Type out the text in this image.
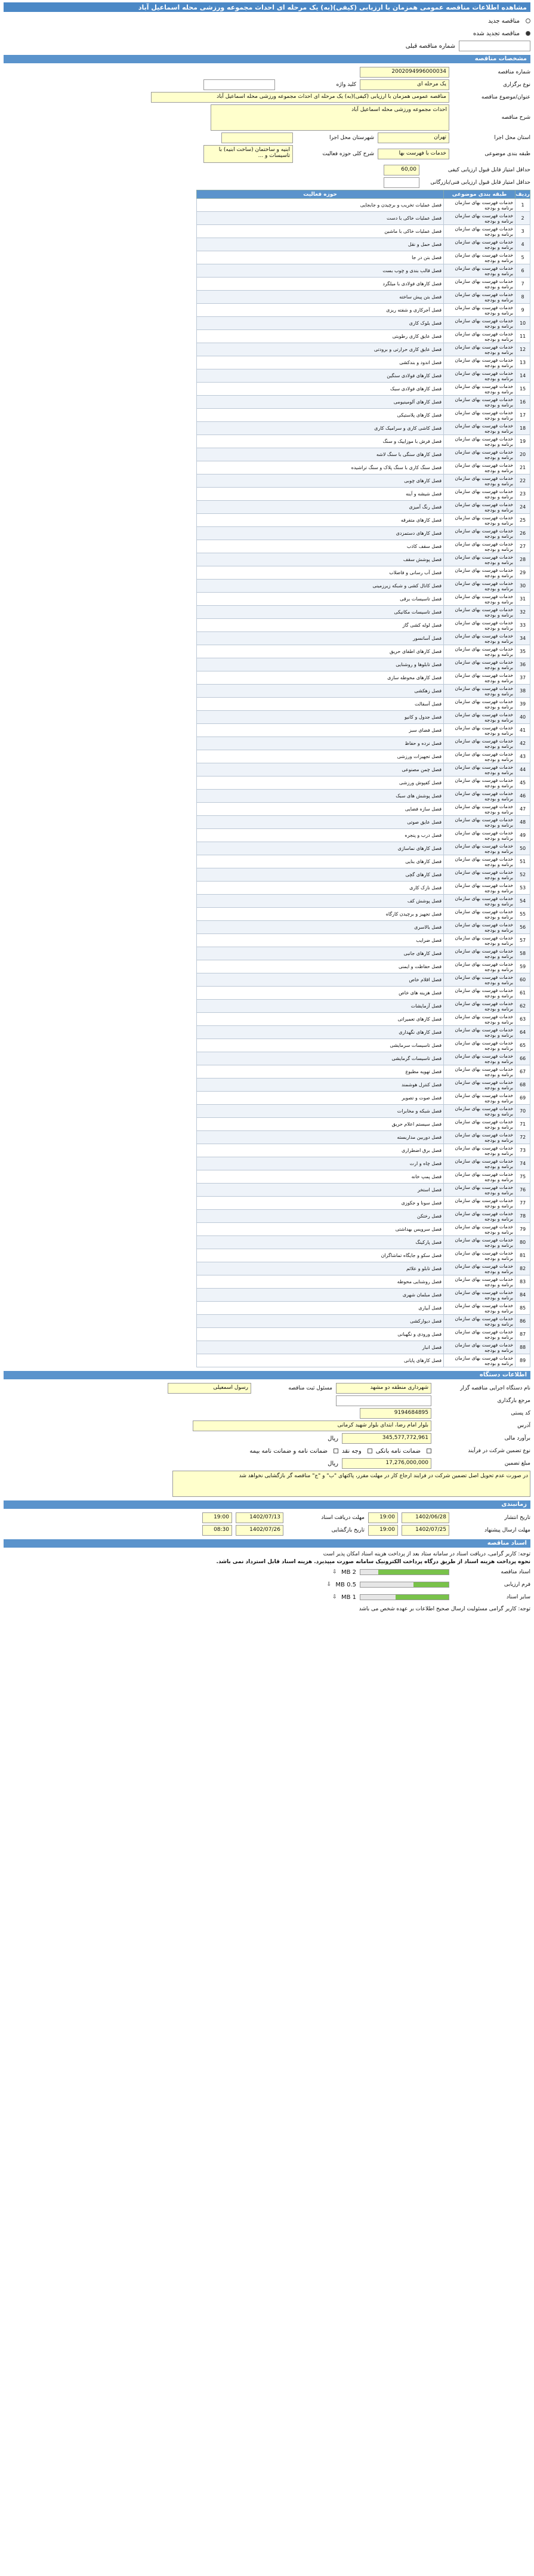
مشاهده اطلاعات مناقصه عمومی همزمان با ارزیابی (کیفی)(به) یک مرحله ای احداث مجموعه ورزشی محله اسماعیل آباد
مناقصه جدید
مناقصه تجدید شده
شماره مناقصه قبلی
مشخصات مناقصه
شماره مناقصه
2002094996000034
نوع برگزاری
یک مرحله ای
کلید واژه
عنوان/موضوع مناقصه
مناقصه عمومی همزمان با ارزیابی (کیفی)(به) یک مرحله ای احداث مجموعه ورزشی محله اسماعیل آباد
شرح مناقصه
احداث مجموعه ورزشی محله اسماعیل آباد
استان محل اجرا
تهران
شهرستان محل اجرا
طبقه بندی موضوعی
خدمات با فهرست بها
شرح کلی حوزه فعالیت
ابنیه و ساختمان (ساخت ابنیه) با تاسیسات و ...
حداقل امتیاز قابل قبول ارزیابی کیفی
60,00
حداقل امتیاز قابل قبول ارزیابی فنی/بازرگانی
ردیف	طبقه بندی موضوعی	حوزه فعالیت
1	خدمات فهرست بهای سازمان برنامه و بودجه	فصل عملیات تخریب و برچیدن و جابجایی
2	خدمات فهرست بهای سازمان برنامه و بودجه	فصل عملیات خاکی با دست
3	خدمات فهرست بهای سازمان برنامه و بودجه	فصل عملیات خاکی با ماشین
4	خدمات فهرست بهای سازمان برنامه و بودجه	فصل حمل و نقل
5	خدمات فهرست بهای سازمان برنامه و بودجه	فصل بتن در جا
6	خدمات فهرست بهای سازمان برنامه و بودجه	فصل قالب بندی و چوب بست
7	خدمات فهرست بهای سازمان برنامه و بودجه	فصل کارهای فولادی با میلگرد
8	خدمات فهرست بهای سازمان برنامه و بودجه	فصل بتن پیش ساخته
9	خدمات فهرست بهای سازمان برنامه و بودجه	فصل آجرکاری و شفته ریزی
10	خدمات فهرست بهای سازمان برنامه و بودجه	فصل بلوک کاری
11	خدمات فهرست بهای سازمان برنامه و بودجه	فصل عایق کاری رطوبتی
12	خدمات فهرست بهای سازمان برنامه و بودجه	فصل عایق کاری حرارتی و برودتی
13	خدمات فهرست بهای سازمان برنامه و بودجه	فصل اندود و بندکشی
14	خدمات فهرست بهای سازمان برنامه و بودجه	فصل کارهای فولادی سنگین
15	خدمات فهرست بهای سازمان برنامه و بودجه	فصل کارهای فولادی سبک
16	خدمات فهرست بهای سازمان برنامه و بودجه	فصل کارهای آلومینیومی
17	خدمات فهرست بهای سازمان برنامه و بودجه	فصل کارهای پلاستیکی
18	خدمات فهرست بهای سازمان برنامه و بودجه	فصل کاشی کاری و سرامیک کاری
19	خدمات فهرست بهای سازمان برنامه و بودجه	فصل فرش با موزاییک و سنگ
20	خدمات فهرست بهای سازمان برنامه و بودجه	فصل کارهای سنگی با سنگ لاشه
21	خدمات فهرست بهای سازمان برنامه و بودجه	فصل سنگ کاری با سنگ پلاک و سنگ تراشیده
22	خدمات فهرست بهای سازمان برنامه و بودجه	فصل کارهای چوبی
23	خدمات فهرست بهای سازمان برنامه و بودجه	فصل شیشه و آینه
24	خدمات فهرست بهای سازمان برنامه و بودجه	فصل رنگ آمیزی
25	خدمات فهرست بهای سازمان برنامه و بودجه	فصل کارهای متفرقه
26	خدمات فهرست بهای سازمان برنامه و بودجه	فصل کارهای دستمزدی
27	خدمات فهرست بهای سازمان برنامه و بودجه	فصل سقف کاذب
28	خدمات فهرست بهای سازمان برنامه و بودجه	فصل پوشش سقف
29	خدمات فهرست بهای سازمان برنامه و بودجه	فصل آب رسانی و فاضلاب
30	خدمات فهرست بهای سازمان برنامه و بودجه	فصل کانال کشی و شبکه زیرزمینی
31	خدمات فهرست بهای سازمان برنامه و بودجه	فصل تاسیسات برقی
32	خدمات فهرست بهای سازمان برنامه و بودجه	فصل تاسیسات مکانیکی
33	خدمات فهرست بهای سازمان برنامه و بودجه	فصل لوله کشی گاز
34	خدمات فهرست بهای سازمان برنامه و بودجه	فصل آسانسور
35	خدمات فهرست بهای سازمان برنامه و بودجه	فصل کارهای اطفای حریق
36	خدمات فهرست بهای سازمان برنامه و بودجه	فصل تابلوها و روشنایی
37	خدمات فهرست بهای سازمان برنامه و بودجه	فصل کارهای محوطه سازی
38	خدمات فهرست بهای سازمان برنامه و بودجه	فصل زهکشی
39	خدمات فهرست بهای سازمان برنامه و بودجه	فصل آسفالت
40	خدمات فهرست بهای سازمان برنامه و بودجه	فصل جدول و کانیو
41	خدمات فهرست بهای سازمان برنامه و بودجه	فصل فضای سبز
42	خدمات فهرست بهای سازمان برنامه و بودجه	فصل نرده و حفاظ
43	خدمات فهرست بهای سازمان برنامه و بودجه	فصل تجهیزات ورزشی
44	خدمات فهرست بهای سازمان برنامه و بودجه	فصل چمن مصنوعی
45	خدمات فهرست بهای سازمان برنامه و بودجه	فصل کفپوش ورزشی
46	خدمات فهرست بهای سازمان برنامه و بودجه	فصل پوشش های سبک
47	خدمات فهرست بهای سازمان برنامه و بودجه	فصل سازه فضایی
48	خدمات فهرست بهای سازمان برنامه و بودجه	فصل عایق صوتی
49	خدمات فهرست بهای سازمان برنامه و بودجه	فصل درب و پنجره
50	خدمات فهرست بهای سازمان برنامه و بودجه	فصل کارهای نماسازی
51	خدمات فهرست بهای سازمان برنامه و بودجه	فصل کارهای بنایی
52	خدمات فهرست بهای سازمان برنامه و بودجه	فصل کارهای گچی
53	خدمات فهرست بهای سازمان برنامه و بودجه	فصل نازک کاری
54	خدمات فهرست بهای سازمان برنامه و بودجه	فصل پوشش کف
55	خدمات فهرست بهای سازمان برنامه و بودجه	فصل تجهیز و برچیدن کارگاه
56	خدمات فهرست بهای سازمان برنامه و بودجه	فصل بالاسری
57	خدمات فهرست بهای سازمان برنامه و بودجه	فصل ضرایب
58	خدمات فهرست بهای سازمان برنامه و بودجه	فصل کارهای جانبی
59	خدمات فهرست بهای سازمان برنامه و بودجه	فصل حفاظت و ایمنی
60	خدمات فهرست بهای سازمان برنامه و بودجه	فصل اقلام خاص
61	خدمات فهرست بهای سازمان برنامه و بودجه	فصل هزینه های خاص
62	خدمات فهرست بهای سازمان برنامه و بودجه	فصل آزمایشات
63	خدمات فهرست بهای سازمان برنامه و بودجه	فصل کارهای تعمیراتی
64	خدمات فهرست بهای سازمان برنامه و بودجه	فصل کارهای نگهداری
65	خدمات فهرست بهای سازمان برنامه و بودجه	فصل تاسیسات سرمایشی
66	خدمات فهرست بهای سازمان برنامه و بودجه	فصل تاسیسات گرمایشی
67	خدمات فهرست بهای سازمان برنامه و بودجه	فصل تهویه مطبوع
68	خدمات فهرست بهای سازمان برنامه و بودجه	فصل کنترل هوشمند
69	خدمات فهرست بهای سازمان برنامه و بودجه	فصل صوت و تصویر
70	خدمات فهرست بهای سازمان برنامه و بودجه	فصل شبکه و مخابرات
71	خدمات فهرست بهای سازمان برنامه و بودجه	فصل سیستم اعلام حریق
72	خدمات فهرست بهای سازمان برنامه و بودجه	فصل دوربین مداربسته
73	خدمات فهرست بهای سازمان برنامه و بودجه	فصل برق اضطراری
74	خدمات فهرست بهای سازمان برنامه و بودجه	فصل چاه و ارت
75	خدمات فهرست بهای سازمان برنامه و بودجه	فصل پمپ خانه
76	خدمات فهرست بهای سازمان برنامه و بودجه	فصل استخر
77	خدمات فهرست بهای سازمان برنامه و بودجه	فصل سونا و جکوزی
78	خدمات فهرست بهای سازمان برنامه و بودجه	فصل رختکن
79	خدمات فهرست بهای سازمان برنامه و بودجه	فصل سرویس بهداشتی
80	خدمات فهرست بهای سازمان برنامه و بودجه	فصل پارکینگ
81	خدمات فهرست بهای سازمان برنامه و بودجه	فصل سکو و جایگاه تماشاگران
82	خدمات فهرست بهای سازمان برنامه و بودجه	فصل تابلو و علائم
83	خدمات فهرست بهای سازمان برنامه و بودجه	فصل روشنایی محوطه
84	خدمات فهرست بهای سازمان برنامه و بودجه	فصل مبلمان شهری
85	خدمات فهرست بهای سازمان برنامه و بودجه	فصل آبیاری
86	خدمات فهرست بهای سازمان برنامه و بودجه	فصل دیوارکشی
87	خدمات فهرست بهای سازمان برنامه و بودجه	فصل ورودی و نگهبانی
88	خدمات فهرست بهای سازمان برنامه و بودجه	فصل انبار
89	خدمات فهرست بهای سازمان برنامه و بودجه	فصل کارهای پایانی
اطلاعات دستگاه
نام دستگاه اجرایی مناقصه گزار
شهرداری منطقه دو مشهد
مسئول ثبت مناقصه
رسول اسمعیلی
مرجع بارگذاری
کد پستی
9194684895
آدرس
بلوار امام رضا، ابتدای بلوار شهید کرمانی
برآورد مالی
345,577,772,961
ریال
نوع تضمین شرکت در فرآیند
ضمانت نامه بانکی
وجه نقد
ضمانت نامه و ضمانت نامه بیمه
مبلغ تضمین
17,276,000,000
ریال
در صورت عدم تحویل اصل تضمین شرکت در فرایند ارجاع کار در مهلت مقرر، پاکتهای "ب" و "ج" مناقصه گر بازگشایی نخواهد شد
زمانبندی
تاریخ انتشار
1402/06/28
19:00
مهلت دریافت اسناد
1402/07/13
19:00
مهلت ارسال پیشنهاد
1402/07/25
19:00
تاریخ بازگشایی
1402/07/26
08:30
اسناد مناقصه
توجه: کاربر گرامی، دریافت اسناد در سامانه ستاد بعد از پرداخت هزینه اسناد امکان پذیر است
نحوه پرداخت هزینه اسناد از طریق درگاه پرداخت الکترونیک سامانه صورت میپذیرد. هزینه اسناد قابل استرداد نمی باشد.
اسناد مناقصه
2 MB
⇩
فرم ارزیابی
0.5 MB
⇩
سایر اسناد
1 MB
⇩
توجه: کاربر گرامی مسئولیت ارسال صحیح اطلاعات بر عهده شخص می باشد
